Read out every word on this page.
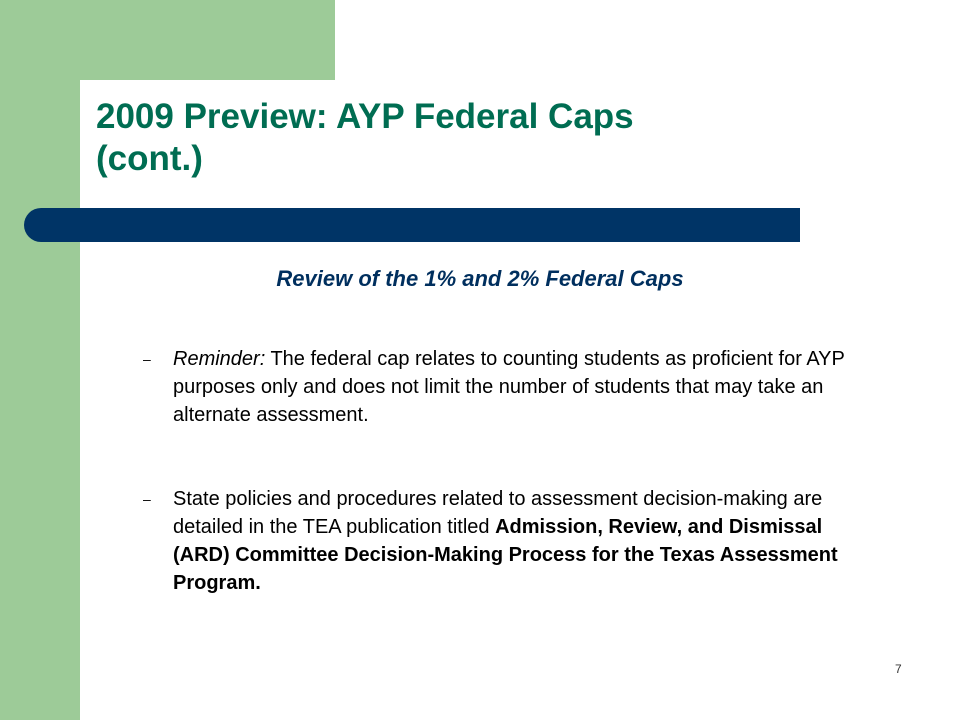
2009 Preview: AYP Federal Caps
(cont.)
Review of the 1% and 2% Federal Caps
– Reminder: The federal cap relates to counting students as proficient for AYP purposes only and does not limit the number of students that may take an alternate assessment.
– State policies and procedures related to assessment decision-making are detailed in the TEA publication titled Admission, Review, and Dismissal (ARD) Committee Decision-Making Process for the Texas Assessment Program.
7
